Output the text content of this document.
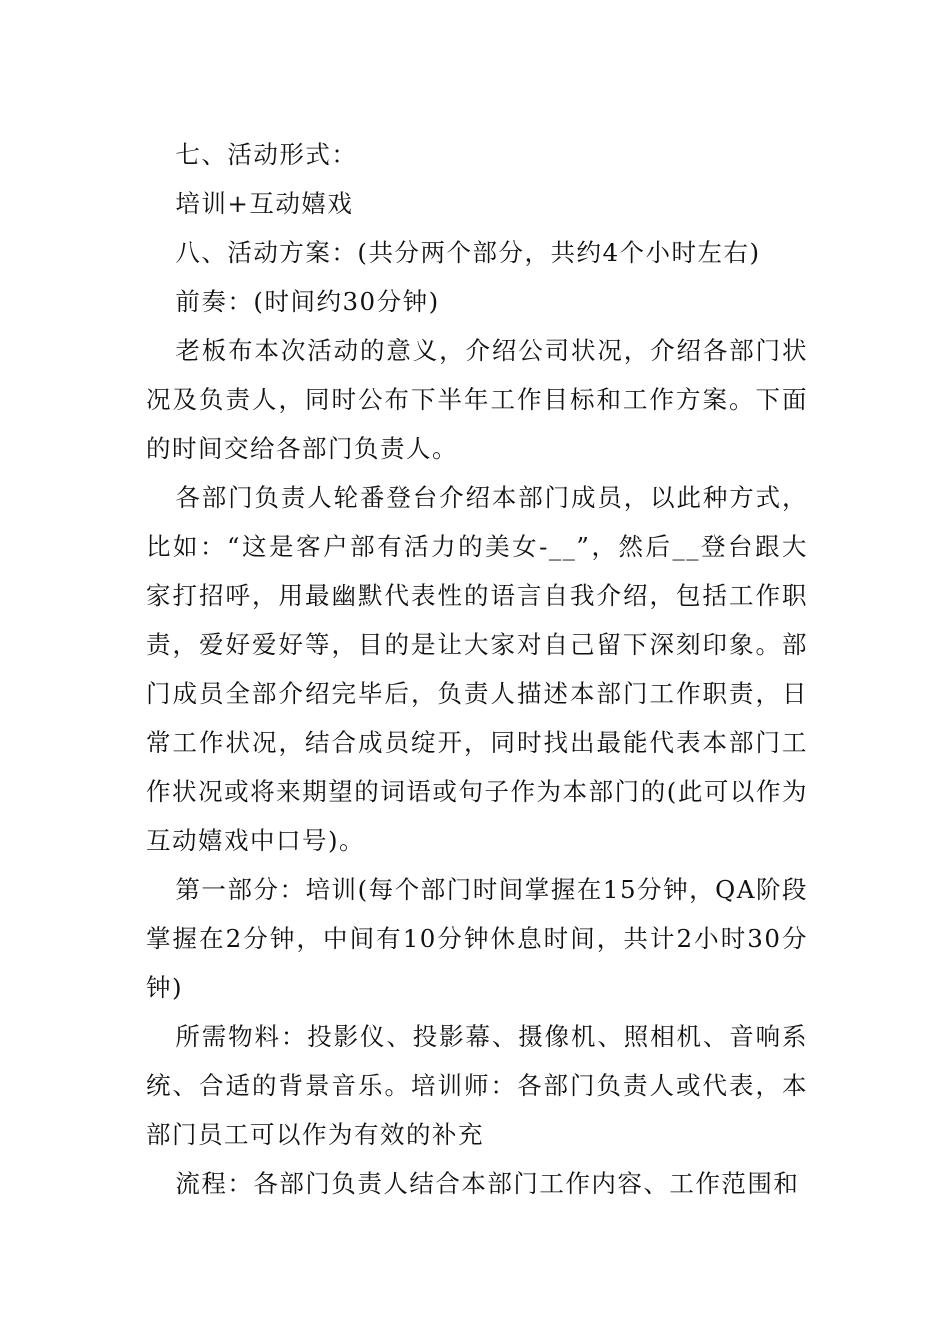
七、活动形式：

培训+互动嬉戏

八、活动方案：(共分两个部分，共约4个小时左右)

前奏：(时间约30分钟)

老板布本次活动的意义，介绍公司状况，介绍各部门状况及负责人，同时公布下半年工作目标和工作方案。下面的时间交给各部门负责人。

各部门负责人轮番登台介绍本部门成员，以此种方式，比如：“这是客户部有活力的美女-__”，然后__登台跟大家打招呼，用最幽默代表性的语言自我介绍，包括工作职责，爱好爱好等，目的是让大家对自己留下深刻印象。部门成员全部介绍完毕后，负责人描述本部门工作职责，日常工作状况，结合成员绽开，同时找出最能代表本部门工作状况或将来期望的词语或句子作为本部门的(此可以作为互动嬉戏中口号)。

第一部分：培训(每个部门时间掌握在15分钟，QA阶段掌握在2分钟，中间有10分钟休息时间，共计2小时30分钟)

所需物料：投影仪、投影幕、摄像机、照相机、音响系统、合适的背景音乐。培训师：各部门负责人或代表，本部门员工可以作为有效的补充

流程：各部门负责人结合本部门工作内容、工作范围和
